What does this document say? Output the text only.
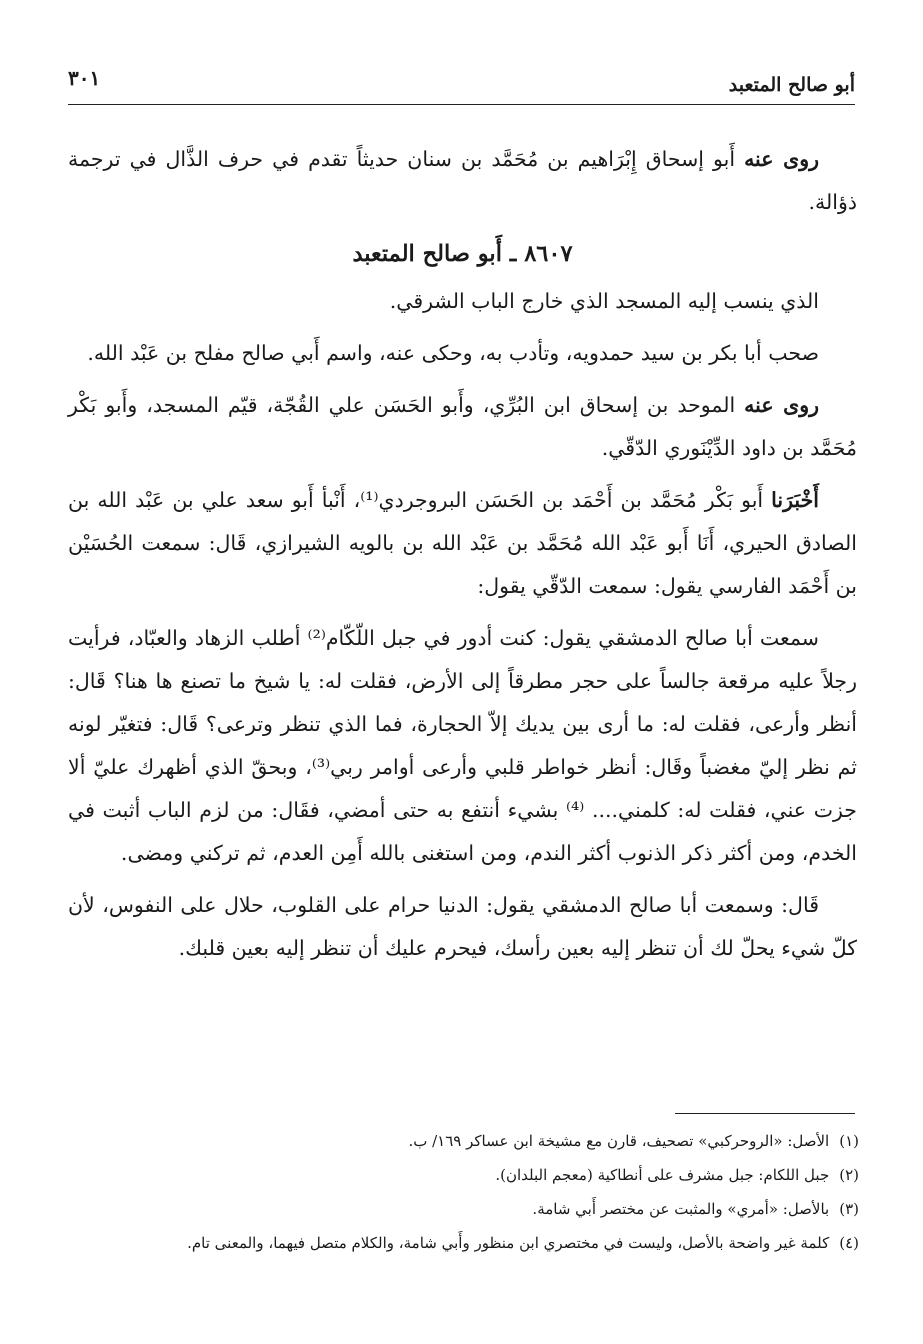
أبو صالح المتعبد
٣٠١

روى عنه أَبو إسحاق إِبْرَاهيم بن مُحَمَّد بن سنان حديثاً تقدم في حرف الذَّال في ترجمة ذؤالة.

٨٦٠٧ ـ أَبو صالح المتعبد

الذي ينسب إليه المسجد الذي خارج الباب الشرقي.

صحب أبا بكر بن سيد حمدويه، وتأدب به، وحكى عنه، واسم أَبي صالح مفلح بن عَبْد الله.

روى عنه الموحد بن إسحاق ابن البُرِّي، وأَبو الحَسَن علي القُجّة، قيّم المسجد، وأَبو بَكْر مُحَمَّد بن داود الدِّيْنَوري الدّقّي.

أَخْبَرَنا أَبو بَكْر مُحَمَّد بن أَحْمَد بن الحَسَن البروجردي⁽¹⁾، أَنْبأ أَبو سعد علي بن عَبْد الله بن الصادق الحيري، أَنَا أَبو عَبْد الله مُحَمَّد بن عَبْد الله بن بالويه الشيرازي، قَال: سمعت الحُسَيْن بن أَحْمَد الفارسي يقول: سمعت الدّقّي يقول:

سمعت أبا صالح الدمشقي يقول: كنت أدور في جبل اللّكّام⁽²⁾ أطلب الزهاد والعبّاد، فرأيت رجلاً عليه مرقعة جالساً على حجر مطرقاً إلى الأرض، فقلت له: يا شيخ ما تصنع ها هنا؟ قَال: أنظر وأرعى، فقلت له: ما أرى بين يديك إلاّ الحجارة، فما الذي تنظر وترعى؟ قَال: فتغيّر لونه ثم نظر إليّ مغضباً وقَال: أنظر خواطر قلبي وأرعى أوامر ربي⁽³⁾، وبحقّ الذي أظهرك عليّ ألا جزت عني، فقلت له: كلمني.... ⁽⁴⁾ بشيء أنتفع به حتى أمضي، فقَال: من لزم الباب أثبت في الخدم، ومن أكثر ذكر الذنوب أكثر الندم، ومن استغنى بالله أَمِن العدم، ثم تركني ومضى.

قَال: وسمعت أبا صالح الدمشقي يقول: الدنيا حرام على القلوب، حلال على النفوس، لأن كلّ شيء يحلّ لك أن تنظر إليه بعين رأسك، فيحرم عليك أن تنظر إليه بعين قلبك.

(١)الأصل: «الروحركبي» تصحيف، قارن مع مشيخة ابن عساكر ١٦٩/ ب.
(٢)جبل اللكام: جبل مشرف على أنطاكية (معجم البلدان).
(٣)بالأصل: «أمري» والمثبت عن مختصر أَبي شامة.
(٤)كلمة غير واضحة بالأصل، وليست في مختصري ابن منظور وأَبي شامة، والكلام متصل فيهما، والمعنى تام.
